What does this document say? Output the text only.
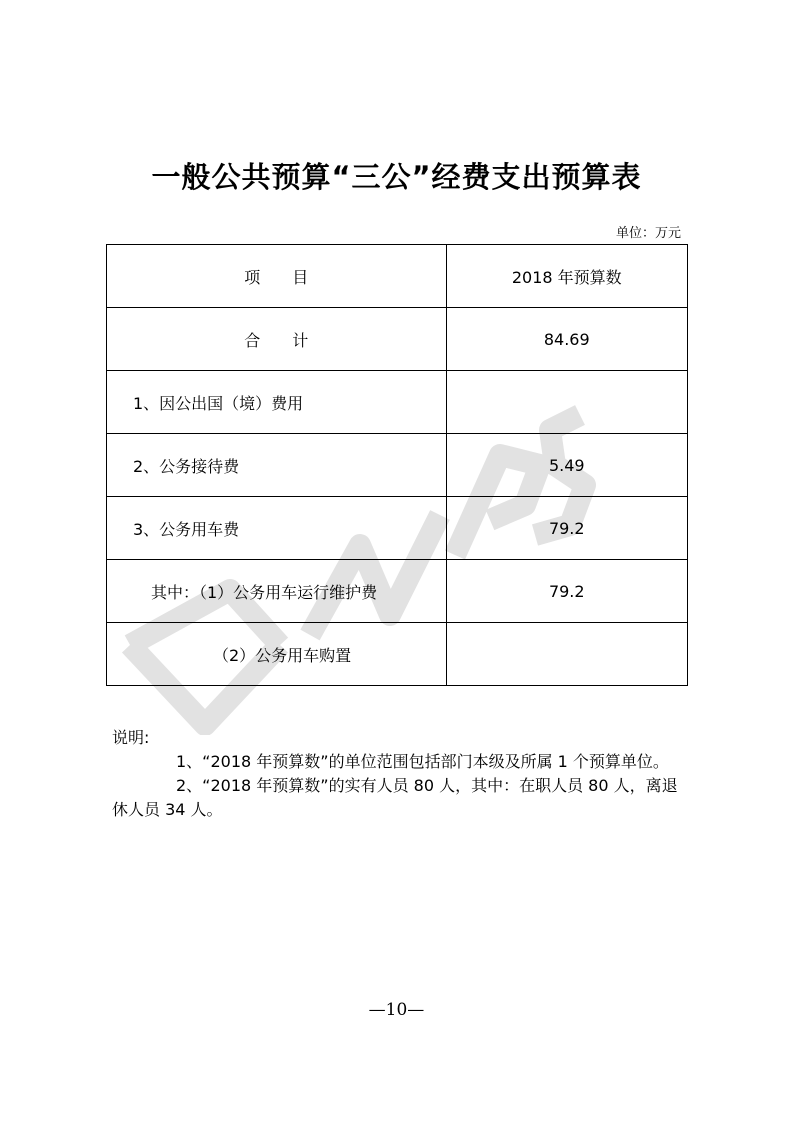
一般公共预算“三公”经费支出预算表
单位：万元
项　　目	2018 年预算数
合　　计	84.69
1、因公出国（境）费用	
2、公务接待费	5.49
3、公务用车费	79.2
其中：（1）公务用车运行维护费	79.2
（2）公务用车购置	

说明:

1、“2018 年预算数”的单位范围包括部门本级及所属 1 个预算单位。

2、“2018 年预算数”的实有人员 80 人，其中：在职人员 80 人，离退休人员 34 人。

—10—
